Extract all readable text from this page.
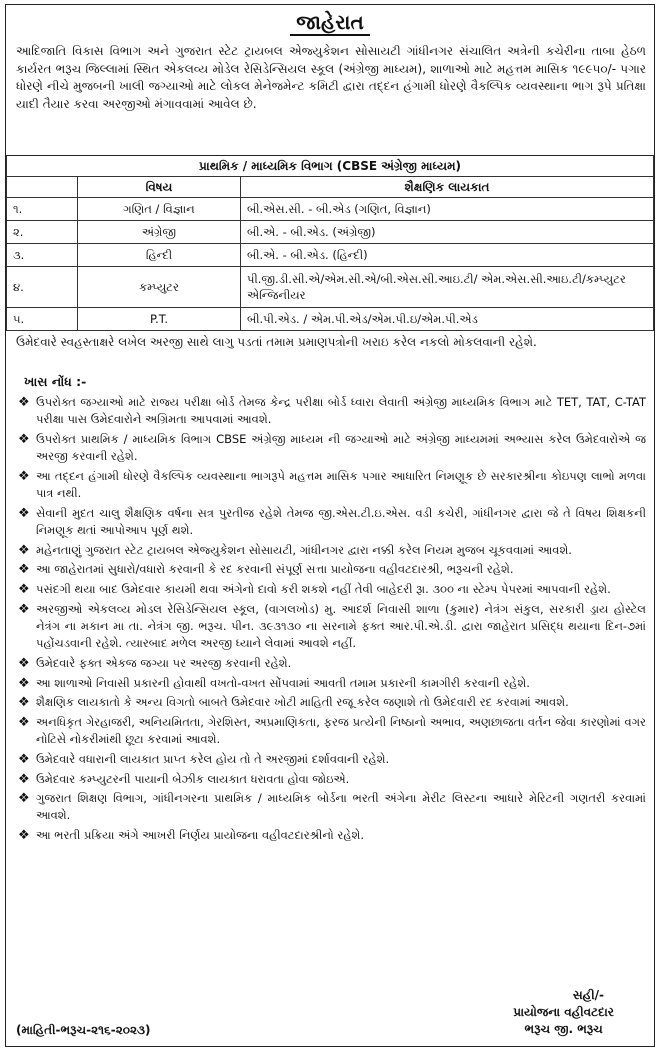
જાહેરાત
આદિજાતિ વિકાસ વિભાગ અને ગુજરાત સ્ટેટ ટ્રાયબલ એજ્યુકેશન સોસાયટી ગાંધીનગર સંચાલિત અત્રેની કચેરીના તાબા હેઠળ કાર્યરત ભરૂચ જિલ્લામાં સ્થિત એકલવ્ય મોડેલ રેસિડેન્સિયલ સ્કૂલ (અંગ્રેજી માધ્યમ), શાળાઓ માટે મહત્તમ માસિક ૧૯૯૫૦/- પગાર ધોરણે નીચે મુજબની ખાલી જગ્યાઓ માટે લોકલ મેનેજમેન્ટ કમિટી દ્વારા તદ્દન હંગામી ધોરણે વૈકલ્પિક વ્યવસ્થાના ભાગ રૂપે પ્રતિક્ષા યાદી તૈયાર કરવા અરજીઓ મંગાવવામાં આવેલ છે.
પ્રાથમિક / માધ્યમિક વિભાગ (CBSE અંગ્રેજી માધ્યમ)		
	વિષય	શૈક્ષણિક લાયકાત
૧.	ગણિત / વિજ્ઞાન	બી.એસ.સી. - બી.એડ (ગણિત, વિજ્ઞાન)
૨.	અંગ્રેજી	બી.એ. - બી.એડ. (અંગ્રેજી)
૩.	હિન્દી	બી.એ. - બી.એડ. (હિન્દી)
૪.	કમ્પ્યુટર	પી.જી.ડી.સી.એ/એમ.સી.એ/બી.એસ.સી.આઇ.ટી/ એમ.એસ.સી.આઇ.ટી/કમ્પ્યુટર એન્જિનીયર
૫.	P.T.	બી.પી.એડ. / એમ.પી.એડ/એમ.પી.ઇ/એમ.પી.એડ
ઉમેદવારે સ્વહસ્તાક્ષરે લખેલ અરજી સાથે લાગુ પડતાં તમામ પ્રમાણપત્રોની ખરાઇ કરેલ નકલો મોકલવાની રહેશે.
ખાસ નોંધ :-
❖ ઉપરોક્ત જગ્યાઓ માટે રાજ્ય પરીક્ષા બોર્ડ તેમજ કેન્દ્ર પરીક્ષા બોર્ડ ધ્વારા લેવાતી અંગ્રેજી માધ્યમિક વિભાગ માટે TET, TAT, C-TAT પરીક્ષા પાસ ઉમેદવારોને અગ્રિમતા આપવામાં આવશે.
❖ ઉપરોક્ત પ્રાથમિક / માધ્યમિક વિભાગ CBSE અંગ્રેજી માધ્યમ ની જગ્યાઓ માટે અંગ્રેજી માધ્યમમાં અભ્યાસ કરેલ ઉમેદવારોએ જ અરજી કરવાની રહેશે.
❖ આ તદ્દન હંગામી ધોરણે વૈકલ્પિક વ્યવસ્થાના ભાગરૂપે મહત્તમ માસિક પગાર આધારિત નિમણૂક છે સરકારશ્રીના કોઇપણ લાભો મળવા પાત્ર નથી.
❖ સેવાની મુદત ચાલુ શૈક્ષણિક વર્ષના સત્ર પુરતીજ રહેશે તેમજ જી.એસ.ટી.ઇ.એસ. વડી કચેરી, ગાંધીનગર દ્વારા જે તે વિષય શિક્ષકની નિમણૂક થતાં આપોઆપ પૂર્ણ થશે.
❖ મહેનતાણું ગુજરાત સ્ટેટ ટ્રાયબલ એજ્યુકેશન સોસાયટી, ગાંધીનગર દ્વારા નક્કી કરેલ નિયમ મુજબ ચૂકવવામાં આવશે.
❖ આ જાહેરાતમાં સુધારો/વધારો કરવાની કે રદ કરવાની સંપૂર્ણ સત્તા પ્રાયોજના વહીવટદારશ્રી, ભરૂચની રહેશે.
❖ પસંદગી થયા બાદ ઉમેદવાર કાયમી થવા અંગેનો દાવો કરી શકશે નહીં તેવી બાહેદરી રૂા. ૩૦૦ ના સ્ટેમ્પ પેપરમાં આપવાની રહેશે.
❖ અરજીઓ એકલવ્ય મોડલ રેસિડેન્સિયલ સ્કૂલ, (વાગલખોડ) મુ. આદર્શ નિવાસી શાળા (કુમાર) નેત્રંગ સંકુલ, સરકારી ડ્રાય હોસ્ટેલ નેત્રંગ ના મકાન મા તા. નેત્રંગ જી. ભરૂચ. પીન. ૩૯૩૧૩૦ ના સરનામે ફક્ત આર.પી.એ.ડી. દ્વારા જાહેરાત પ્રસિદ્ધ થયાના દિન-૭માં પહોંચડવાની રહેશે. ત્યારબાદ મળેલ અરજી ધ્યાને લેવામાં આવશે નહીં.
❖ ઉમેદવારે ફક્ત એકજ જગ્યા પર અરજી કરવાની રહેશે.
❖ આ શાળાઓ નિવાસી પ્રકારની હોવાથી વખતો-વખત સોંપવામાં આવતી તમામ પ્રકારની કામગીરી કરવાની રહેશે.
❖ શૈક્ષણિક લાયકાતો કે અન્ય વિગતો બાબતે ઉમેદવાર ખોટી માહિતી રજૂ કરેલ જણાશે તો ઉમેદવારી રદ કરવામાં આવશે.
❖ અનધિકૃત ગેરહાજરી, અનિયમિતતા, ગેરશિસ્ત, અપ્રમાણિકતા, ફરજ પ્રત્યેની નિષ્ઠાનો અભાવ, અણછાજતા વર્તન જેવા કારણોમાં વગર નોટિસે નોકરીમાંથી છૂટા કરવામાં આવશે.
❖ ઉમેદવારે વધારાની લાયકાત પ્રાપ્ત કરેલ હોય તો તે અરજીમાં દર્શાવવાની રહેશે.
❖ ઉમેદવાર કમ્પ્યુટરની પાયાની બેઝીક લાયકાત ધરાવતા હોવા જોઇએ.
❖ ગુજરાત શિક્ષણ વિભાગ, ગાંધીનગરના પ્રાથમિક / માધ્યમિક બોર્ડના ભરતી અંગેના મેરીટ લિસ્ટના આધારે મેરિટની ગણતરી કરવામાં આવશે.
❖ આ ભરતી પ્રક્રિયા અંગે આખરી નિર્ણય પ્રાયોજના વહીવટદારશ્રીનો રહેશે.
સહી/-
પ્રાયોજના વહીવટદાર
ભરૂચ જી. ભરૂચ
(માહિતી-ભરૂચ-૨૧૬-૨૦૨૩)
